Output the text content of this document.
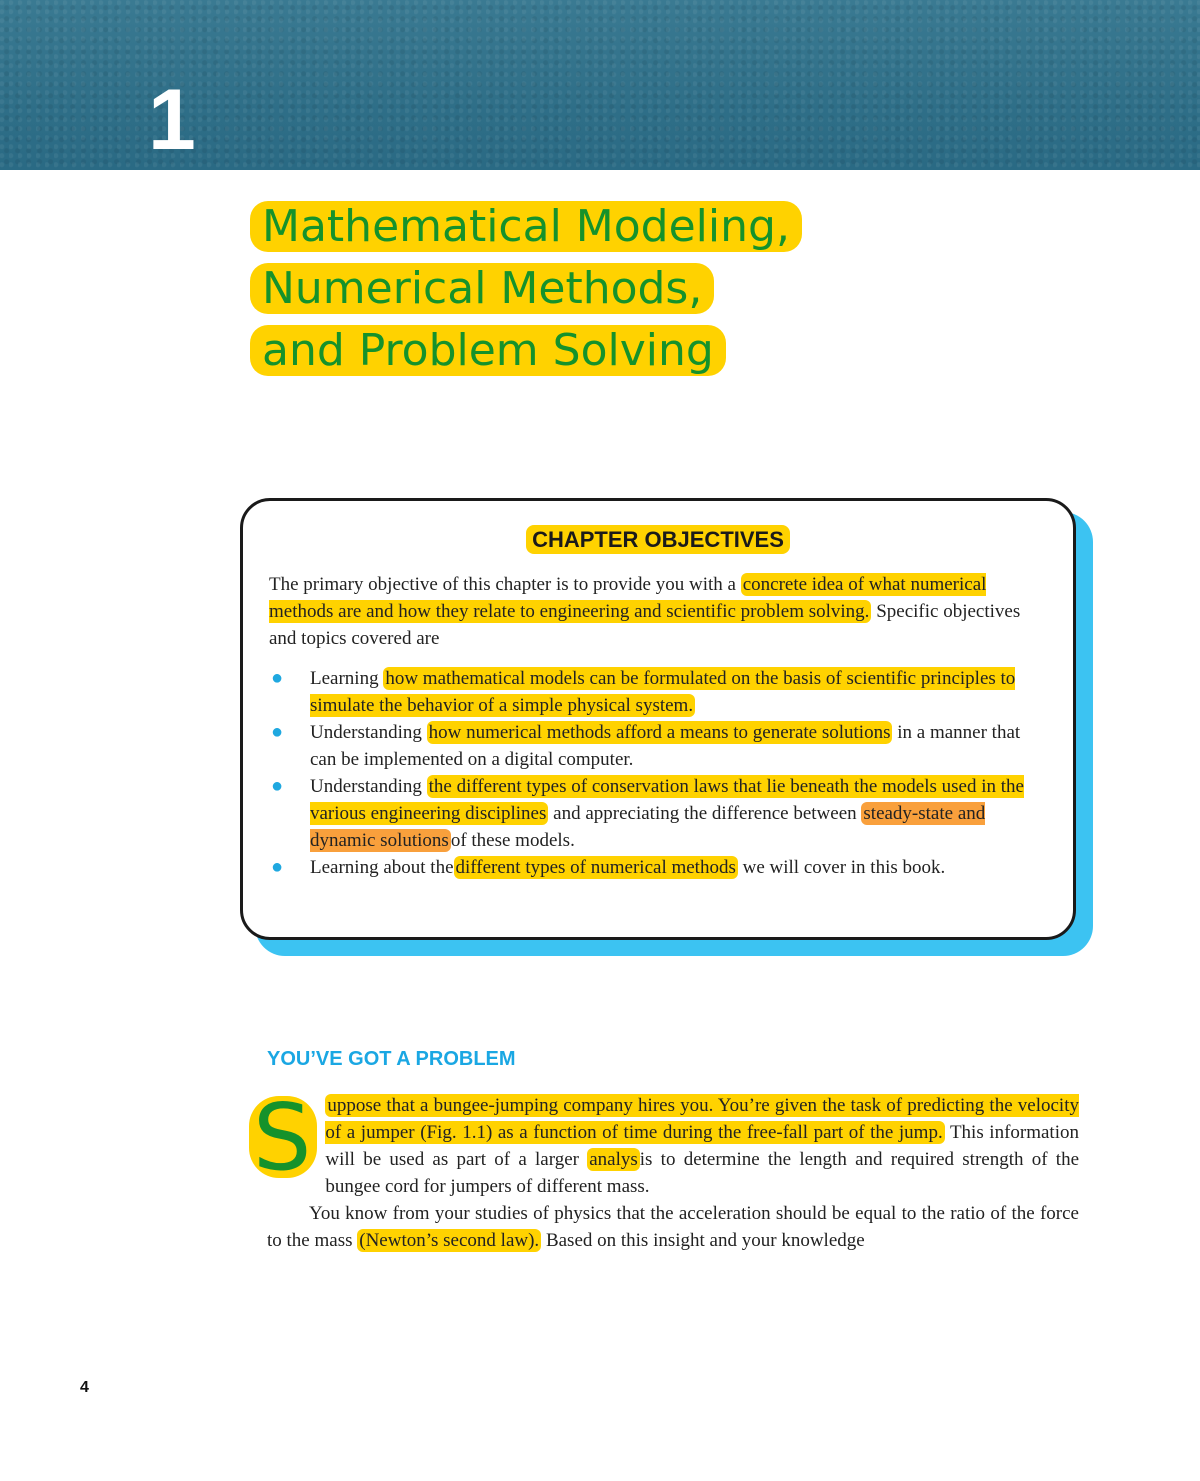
1
Mathematical Modeling,
Numerical Methods,
and Problem Solving
CHAPTER OBJECTIVES
The primary objective of this chapter is to provide you with a concrete idea of what numerical methods are and how they relate to engineering and scientific problem solving. Specific objectives and topics covered are
● Learning how mathematical models can be formulated on the basis of scientific principles to simulate the behavior of a simple physical system.
● Understanding how numerical methods afford a means to generate solutions in a manner that can be implemented on a digital computer.
● Understanding the different types of conservation laws that lie beneath the models used in the various engineering disciplines and appreciating the difference between steady-state and dynamic solutions of these models.
● Learning about the different types of numerical methods we will cover in this book.
YOU’VE GOT A PROBLEM

S uppose that a bungee-jumping company hires you. You’re given the task of predicting the velocity of a jumper (Fig. 1.1) as a function of time during the free-fall part of the jump. This information will be used as part of a larger analys is to determine the length and required strength of the bungee cord for jumpers of different mass.

You know from your studies of physics that the acceleration should be equal to the ratio of the force to the mass (Newton’s second law). Based on this insight and your knowledge

4
